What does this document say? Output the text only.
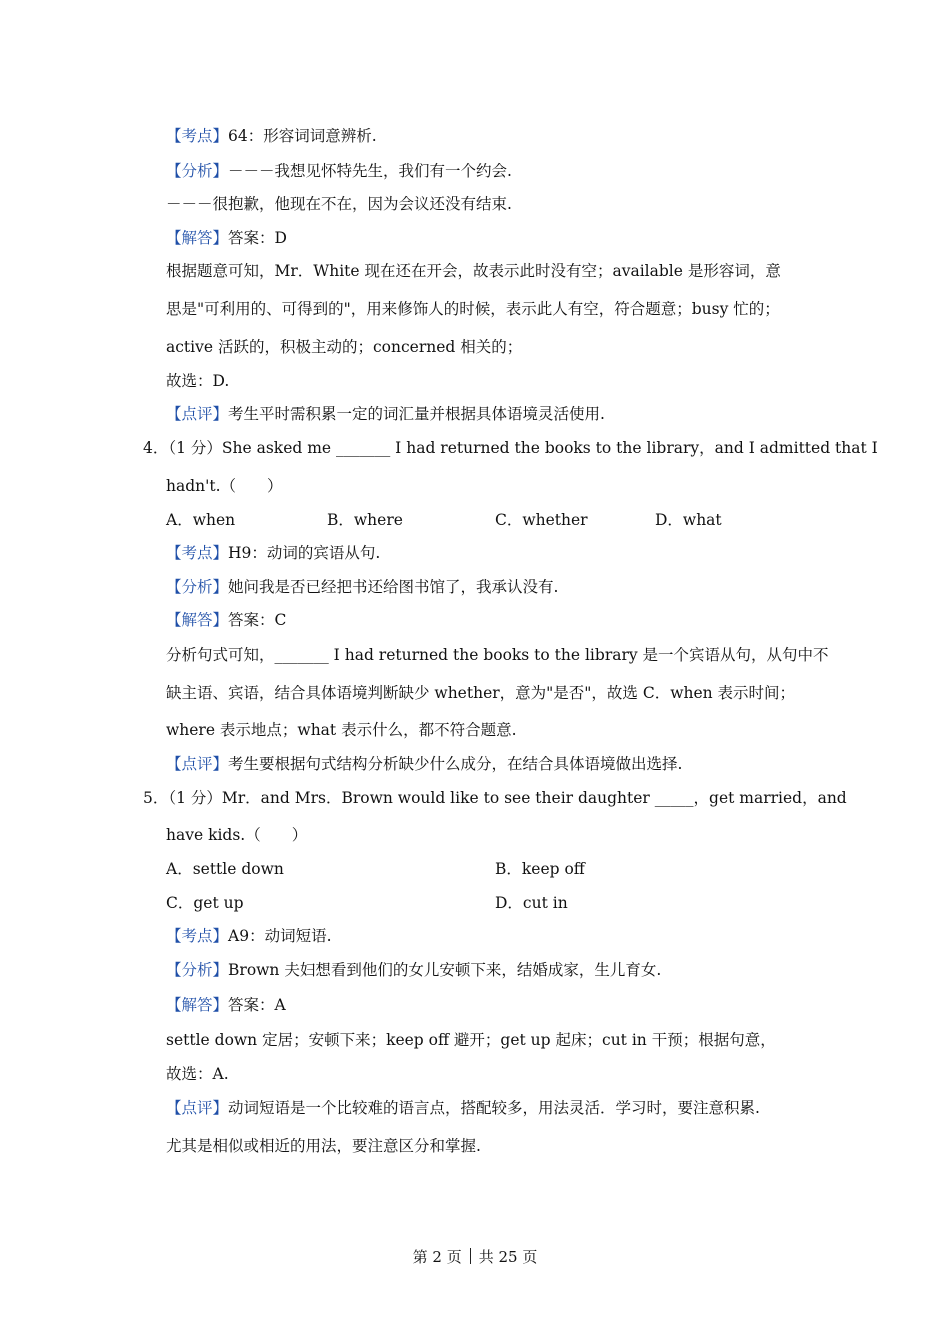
【考点】64：形容词词意辨析.
【分析】－－－我想见怀特先生，我们有一个约会.
－－－很抱歉，他现在不在，因为会议还没有结束.
【解答】答案：D
根据题意可知，Mr．White 现在还在开会，故表示此时没有空；available 是形容词，意
思是"可利用的、可得到的"，用来修饰人的时候，表示此人有空，符合题意；busy 忙的；
active 活跃的，积极主动的；concerned 相关的；
故选：D.
【点评】考生平时需积累一定的词汇量并根据具体语境灵活使用.
4．（1 分）She asked me _______ I had returned the books to the library，and I admitted that I
hadn't.（　　）
A．when	B．where	C．whether	D．what
【考点】H9：动词的宾语从句.
【分析】她问我是否已经把书还给图书馆了，我承认没有.
【解答】答案：C
分析句式可知，_______ I had returned the books to the library 是一个宾语从句，从句中不
缺主语、宾语，结合具体语境判断缺少 whether，意为"是否"，故选 C．when 表示时间；
where 表示地点；what 表示什么，都不符合题意.
【点评】考生要根据句式结构分析缺少什么成分，在结合具体语境做出选择.
5．（1 分）Mr．and Mrs．Brown would like to see their daughter _____，get married，and
have kids.（　　）
A．settle down	B．keep off
C．get up	D．cut in
【考点】A9：动词短语.
【分析】Brown 夫妇想看到他们的女儿安顿下来，结婚成家，生儿育女.
【解答】答案：A
settle down 定居；安顿下来；keep off 避开；get up 起床；cut in 干预；根据句意，
故选：A.
【点评】动词短语是一个比较难的语言点，搭配较多，用法灵活．学习时，要注意积累.
尤其是相似或相近的用法，要注意区分和掌握.
第 2 页 共 25 页
